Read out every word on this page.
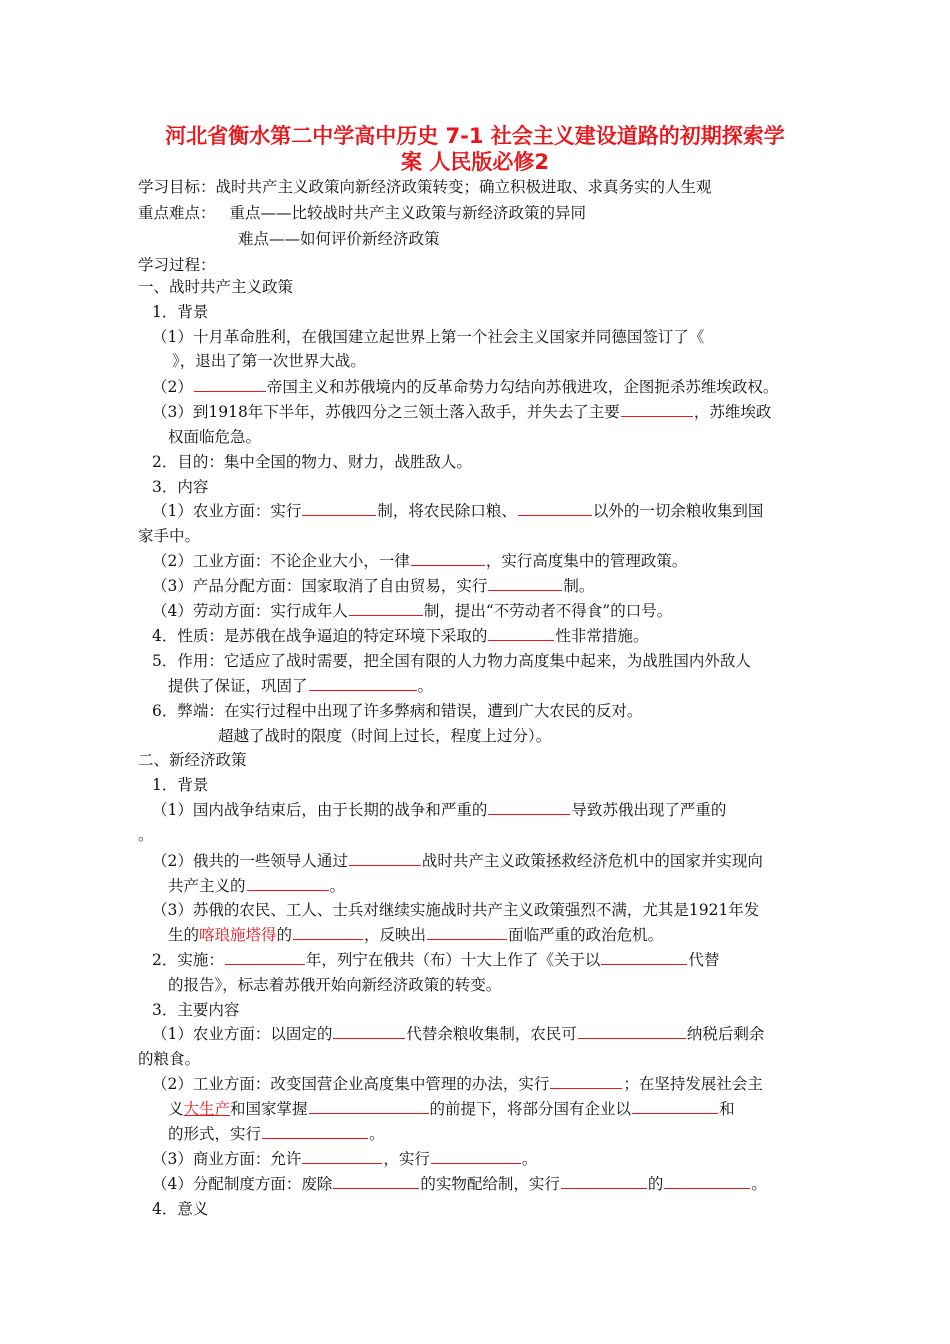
河北省衡水第二中学高中历史 7-1 社会主义建设道路的初期探索学
案 人民版必修2
学习目标：战时共产主义政策向新经济政策转变；确立积极进取、求真务实的人生观
重点难点： 重点——比较战时共产主义政策与新经济政策的异同
难点——如何评价新经济政策
学习过程：
一、战时共产主义政策
1．背景
（1）十月革命胜利，在俄国建立起世界上第一个社会主义国家并同德国签订了《
》，退出了第一次世界大战。
（2）	帝国主义和苏俄境内的反革命势力勾结向苏俄进攻，企图扼杀苏维埃政权。
（3）到1918年下半年，苏俄四分之三领土落入敌手，并失去了主要	，苏维埃政
权面临危急。
2．目的：集中全国的物力、财力，战胜敌人。
3．内容
（1）农业方面：实行	制，将农民除口粮、	以外的一切余粮收集到国
家手中。
（2）工业方面：不论企业大小，一律	，实行高度集中的管理政策。
（3）产品分配方面：国家取消了自由贸易，实行	制。
（4）劳动方面：实行成年人	制，提出“不劳动者不得食”的口号。
4．性质：是苏俄在战争逼迫的特定环境下采取的	性非常措施。
5．作用：它适应了战时需要，把全国有限的人力物力高度集中起来，为战胜国内外敌人
提供了保证，巩固了	。
6．弊端：在实行过程中出现了许多弊病和错误，遭到广大农民的反对。
超越了战时的限度（时间上过长，程度上过分）。
二、新经济政策
1．背景
（1）国内战争结束后，由于长期的战争和严重的	导致苏俄出现了严重的
。
（2）俄共的一些领导人通过	战时共产主义政策拯救经济危机中的国家并实现向
共产主义的	。
（3）苏俄的农民、工人、士兵对继续实施战时共产主义政策强烈不满，尤其是1921年发
生的喀琅施塔得的	，反映出	面临严重的政治危机。
2．实施：	年，列宁在俄共（布）十大上作了《关于以	代替
的报告》，标志着苏俄开始向新经济政策的转变。
3．主要内容
（1）农业方面：以固定的	代替余粮收集制，农民可	纳税后剩余
的粮食。
（2）工业方面：改变国营企业高度集中管理的办法，实行	；在坚持发展社会主
义大生产和国家掌握	的前提下，将部分国有企业以	和
的形式，实行	。
（3）商业方面：允许	，实行	。
（4）分配制度方面：废除	的实物配给制，实行	的	。
4．意义
